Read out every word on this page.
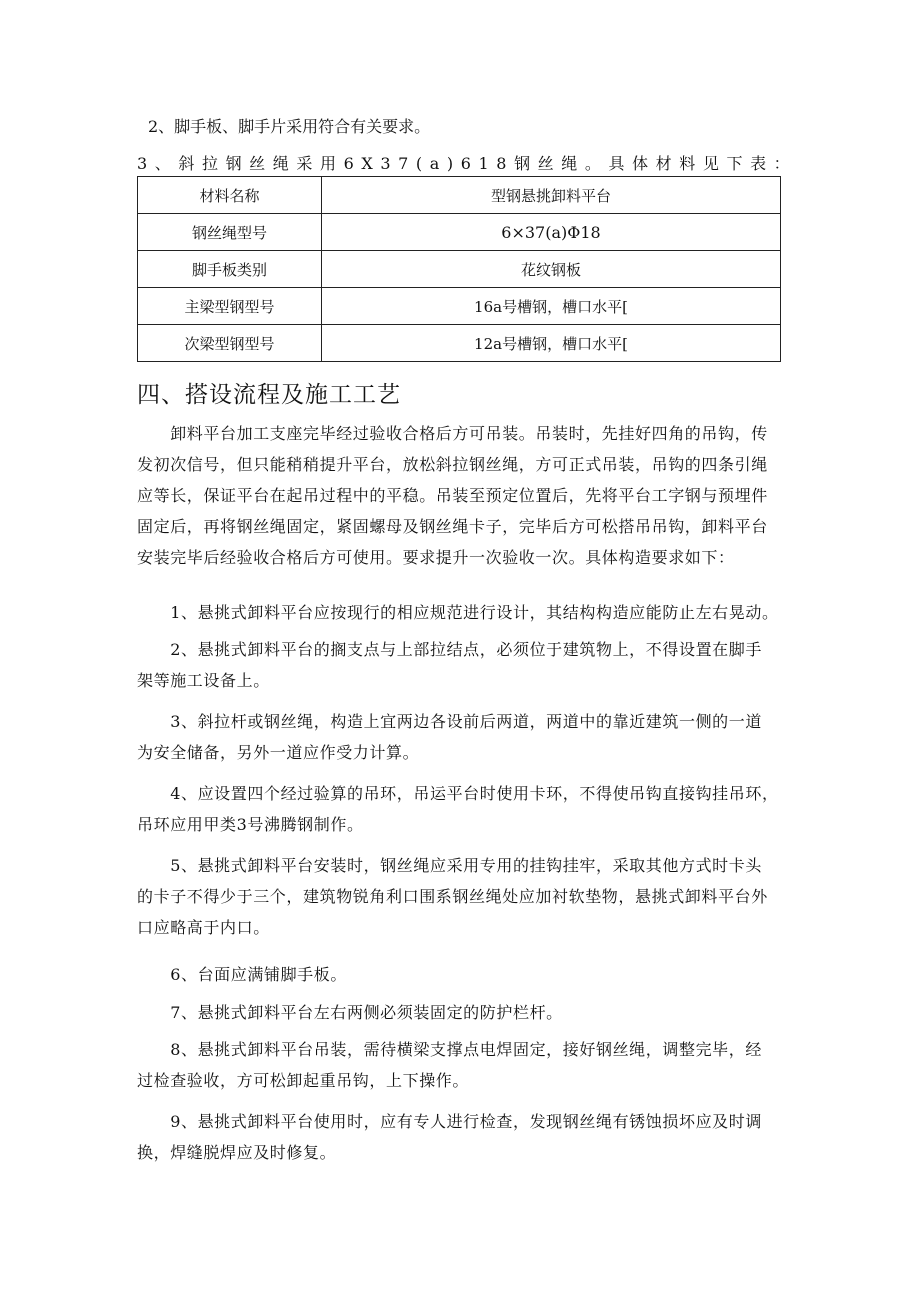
2、脚手板、脚手片采用符合有关要求。
3、斜拉钢丝绳采用6X37(a)618钢丝绳。具体材料见下表：
材料名称	型钢悬挑卸料平台
钢丝绳型号	6×37(a)Φ18
脚手板类别	花纹钢板
主梁型钢型号	16a号槽钢，槽口水平[
次梁型钢型号	12a号槽钢，槽口水平[
四、搭设流程及施工工艺
　　卸料平台加工支座完毕经过验收合格后方可吊装。吊装时，先挂好四角的吊钩，传
发初次信号，但只能稍稍提升平台，放松斜拉钢丝绳，方可正式吊装，吊钩的四条引绳
应等长，保证平台在起吊过程中的平稳。吊装至预定位置后，先将平台工字钢与预埋件
固定后，再将钢丝绳固定，紧固螺母及钢丝绳卡子，完毕后方可松搭吊吊钩，卸料平台
安装完毕后经验收合格后方可使用。要求提升一次验收一次。具体构造要求如下：
　　1、悬挑式卸料平台应按现行的相应规范进行设计，其结构构造应能防止左右晃动。
　　2、悬挑式卸料平台的搁支点与上部拉结点，必须位于建筑物上，不得设置在脚手
架等施工设备上。
　　3、斜拉杆或钢丝绳，构造上宜两边各设前后两道，两道中的靠近建筑一侧的一道
为安全储备，另外一道应作受力计算。
　　4、应设置四个经过验算的吊环，吊运平台时使用卡环，不得使吊钩直接钩挂吊环，
吊环应用甲类3号沸腾钢制作。
　　5、悬挑式卸料平台安装时，钢丝绳应采用专用的挂钩挂牢，采取其他方式时卡头
的卡子不得少于三个，建筑物锐角利口围系钢丝绳处应加衬软垫物，悬挑式卸料平台外
口应略高于内口。
　　6、台面应满铺脚手板。
　　7、悬挑式卸料平台左右两侧必须装固定的防护栏杆。
　　8、悬挑式卸料平台吊装，需待横梁支撑点电焊固定，接好钢丝绳，调整完毕，经
过检查验收，方可松卸起重吊钩，上下操作。
　　9、悬挑式卸料平台使用时，应有专人进行检查，发现钢丝绳有锈蚀损坏应及时调
换，焊缝脱焊应及时修复。
